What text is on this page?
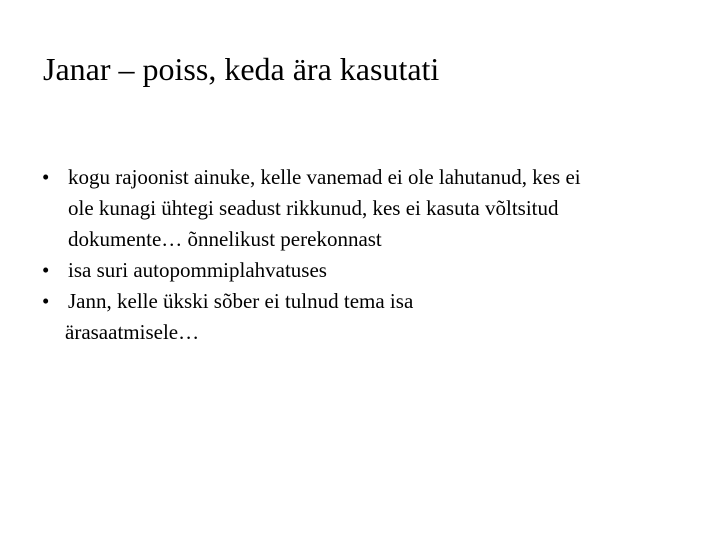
Janar – poiss, keda ära kasutati
• kogu rajoonist ainuke, kelle vanemad ei ole lahutanud, kes ei
ole kunagi ühtegi seadust rikkunud, kes ei kasuta võltsitud
dokumente… õnnelikust perekonnast
• isa suri autopommiplahvatuses
• Jann, kelle ükski sõber ei tulnud tema isa
ärasaatmisele…
